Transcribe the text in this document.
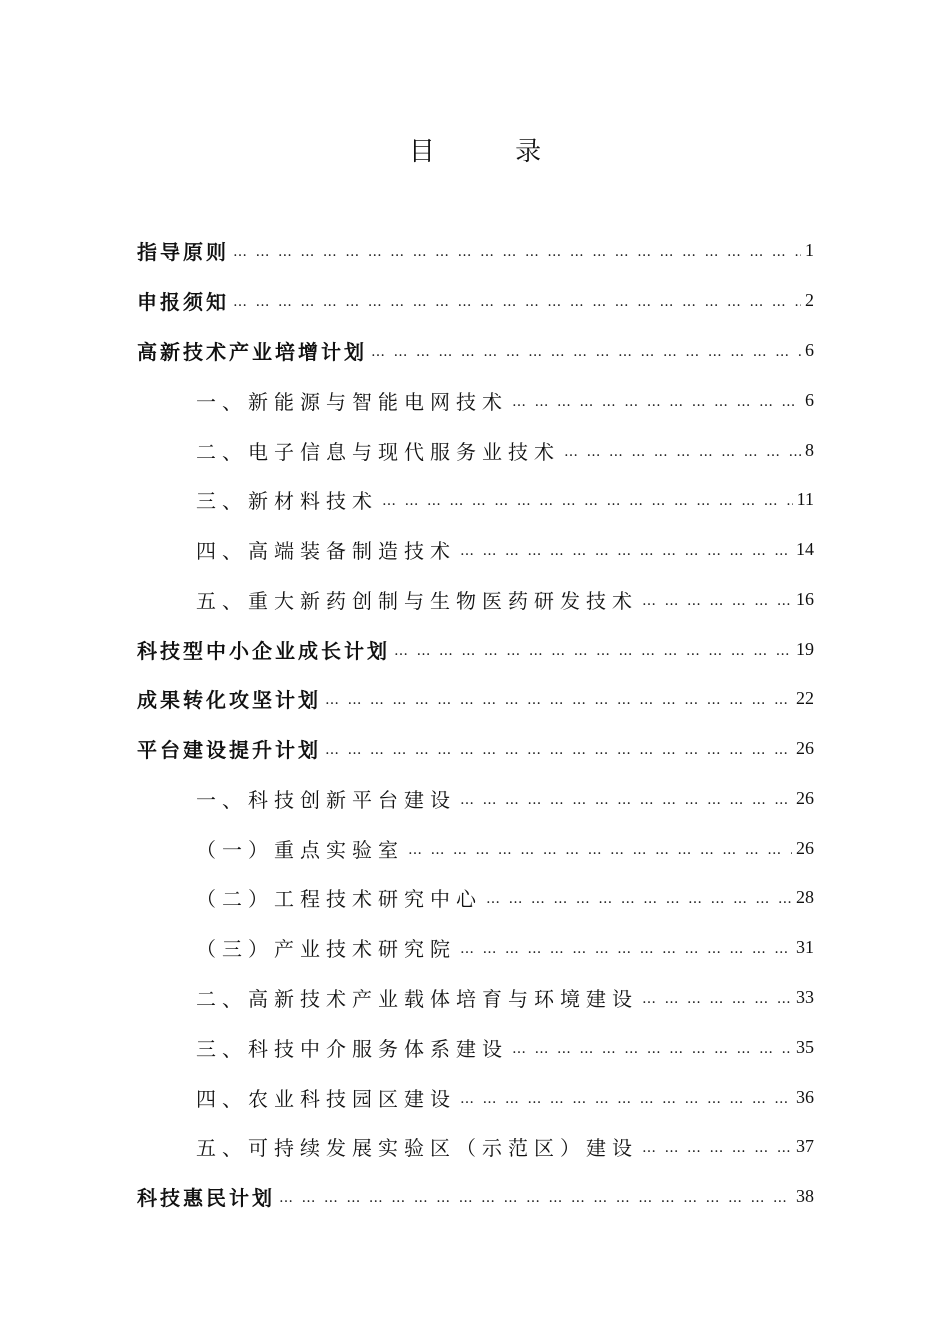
目 录
指导原则 … … … … … … … … … … … … … … … … … … … … … … … … … … … … … … … … … … … … … … … … … … … … … … … …	1
申报须知 … … … … … … … … … … … … … … … … … … … … … … … … … … … … … … … … … … … … … … … … … … … … … … … …	2
高新技术产业培增计划 … … … … … … … … … … … … … … … … … … … … … … … … … … … … … … … … … … … … … … … … … … … … … … … …	6
一、新能源与智能电网技术 … … … … … … … … … … … … … … … … … … … … … … … … … … … … … … … … … … … … … … … … … … … … … … … …	6
二、电子信息与现代服务业技术 … … … … … … … … … … … … … … … … … … … … … … … … … … … … … … … … … … … … … … … … … … … … … … … …	8
三、新材料技术 … … … … … … … … … … … … … … … … … … … … … … … … … … … … … … … … … … … … … … … … … … … … … … … …	11
四、高端装备制造技术 … … … … … … … … … … … … … … … … … … … … … … … … … … … … … … … … … … … … … … … … … … … … … … … …	14
五、重大新药创制与生物医药研发技术 … … … … … … … … … … … … … … … … … … … … … … … … … … … … … … … … … … … … … … … … … … … … … … … …	16
科技型中小企业成长计划 … … … … … … … … … … … … … … … … … … … … … … … … … … … … … … … … … … … … … … … … … … … … … … … …	19
成果转化攻坚计划 … … … … … … … … … … … … … … … … … … … … … … … … … … … … … … … … … … … … … … … … … … … … … … … …	22
平台建设提升计划 … … … … … … … … … … … … … … … … … … … … … … … … … … … … … … … … … … … … … … … … … … … … … … … …	26
一、科技创新平台建设 … … … … … … … … … … … … … … … … … … … … … … … … … … … … … … … … … … … … … … … … … … … … … … … …	26
（一）重点实验室 … … … … … … … … … … … … … … … … … … … … … … … … … … … … … … … … … … … … … … … … … … … … … … … …	26
（二）工程技术研究中心 … … … … … … … … … … … … … … … … … … … … … … … … … … … … … … … … … … … … … … … … … … … … … … … …	28
（三）产业技术研究院 … … … … … … … … … … … … … … … … … … … … … … … … … … … … … … … … … … … … … … … … … … … … … … … …	31
二、高新技术产业载体培育与环境建设 … … … … … … … … … … … … … … … … … … … … … … … … … … … … … … … … … … … … … … … … … … … … … … … …	33
三、科技中介服务体系建设 … … … … … … … … … … … … … … … … … … … … … … … … … … … … … … … … … … … … … … … … … … … … … … … …	35
四、农业科技园区建设 … … … … … … … … … … … … … … … … … … … … … … … … … … … … … … … … … … … … … … … … … … … … … … … …	36
五、可持续发展实验区（示范区）建设 … … … … … … … … … … … … … … … … … … … … … … … … … … … … … … … … … … … … … … … … … … … … … … … …	37
科技惠民计划 … … … … … … … … … … … … … … … … … … … … … … … … … … … … … … … … … … … … … … … … … … … … … … … …	38
